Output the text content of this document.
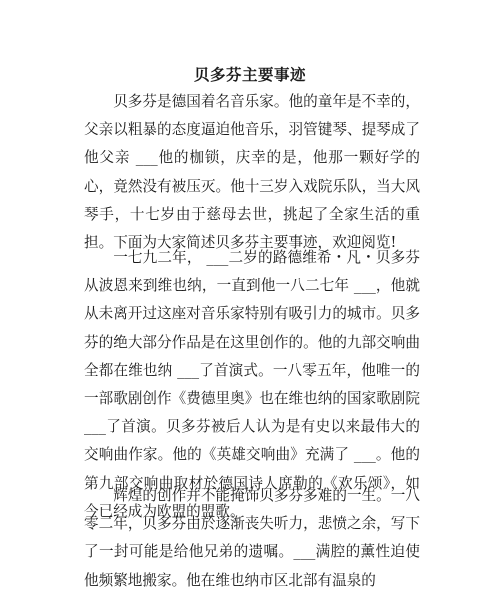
贝多芬主要事迹

贝多芬是德国着名音乐家。他的童年是不幸的，父亲以粗暴的态度逼迫他音乐，羽管键琴、提琴成了他父亲 ___他的枷锁，庆幸的是，他那一颗好学的心，竟然没有被压灭。他十三岁入戏院乐队，当大风琴手，十七岁由于慈母去世，挑起了全家生活的重担。下面为大家简述贝多芬主要事迹，欢迎阅览!

一七九二年， ___二岁的路德维希・凡・贝多芬从波恩来到维也纳，一直到他一八二七年 ___，他就从未离开过这座对音乐家特别有吸引力的城市。贝多芬的绝大部分作品是在这里创作的。他的九部交响曲全都在维也纳 ___了首演式。一八零五年，他唯一的一部歌剧创作《费德里奥》也在维也纳的国家歌剧院 ___了首演。贝多芬被后人认为是有史以来最伟大的交响曲作家。他的《英雄交响曲》充满了 ___。他的第九部交响曲取材於德国诗人席勒的《欢乐颂》，如今已经成为欧盟的盟歌。

辉煌的创作并不能掩饰贝多芬多难的一生。一八零二年，贝多芬由於逐渐丧失听力，悲愤之余，写下了一封可能是给他兄弟的遗嘱。___满腔的薰性迫使他频繁地搬家。他在维也纳市区北部有温泉的
